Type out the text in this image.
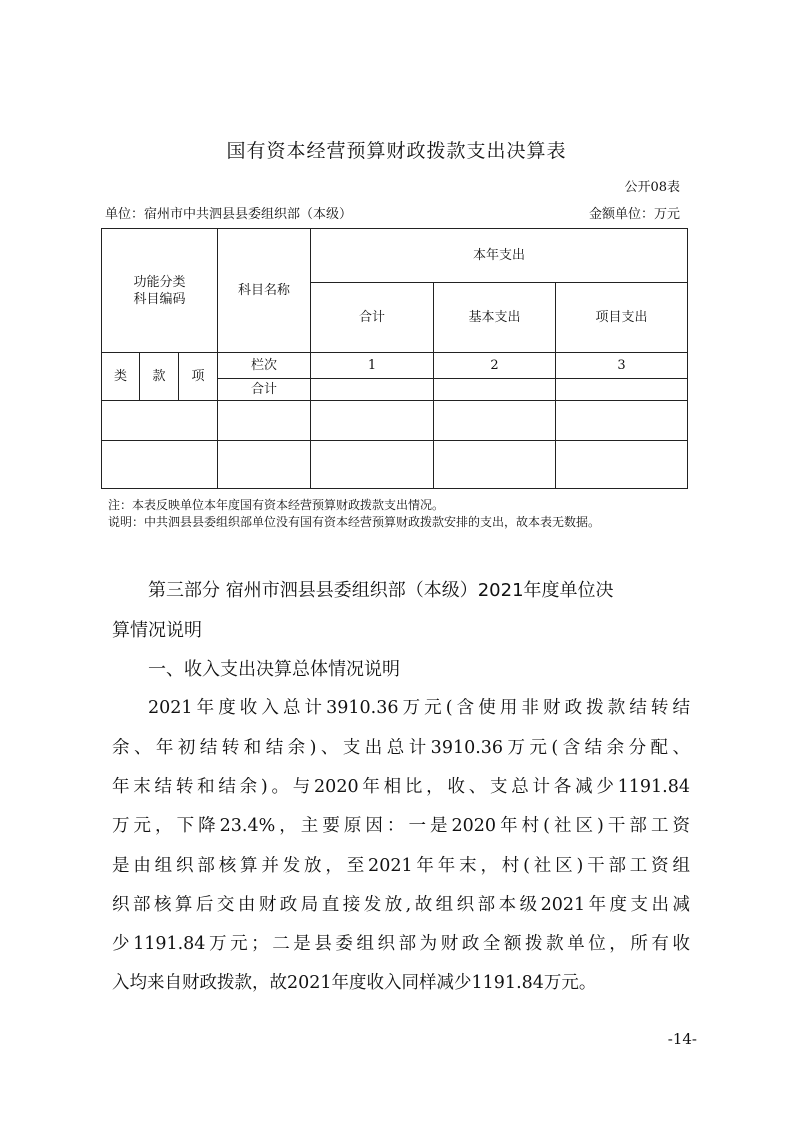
国有资本经营预算财政拨款支出决算表
公开08表
单位：宿州市中共泗县县委组织部（本级）	金额单位：万元
功能分类
科目编码			科目名称	本年支出		
				合计	基本支出	项目支出
类	款	项	栏次	1	2	3
			合计			

注：本表反映单位本年度国有资本经营预算财政拨款支出情况。
说明：中共泗县县委组织部单位没有国有资本经营预算财政拨款安排的支出，故本表无数据。
第三部分 宿州市泗县县委组织部（本级）2021年度单位决
算情况说明
一、收入支出决算总体情况说明
2021年度收入总计3910.36万元(含使用非财政拨款结转结
余、年初结转和结余)、支出总计3910.36万元(含结余分配、
年末结转和结余)。与2020年相比，收、支总计各减少1191.84
万元，下降23.4%，主要原因：一是2020年村(社区)干部工资
是由组织部核算并发放，至2021年年末，村(社区)干部工资组
织部核算后交由财政局直接发放,故组织部本级2021年度支出减
少1191.84万元；二是县委组织部为财政全额拨款单位，所有收
入均来自财政拨款，故2021年度收入同样减少1191.84万元。
-14-
